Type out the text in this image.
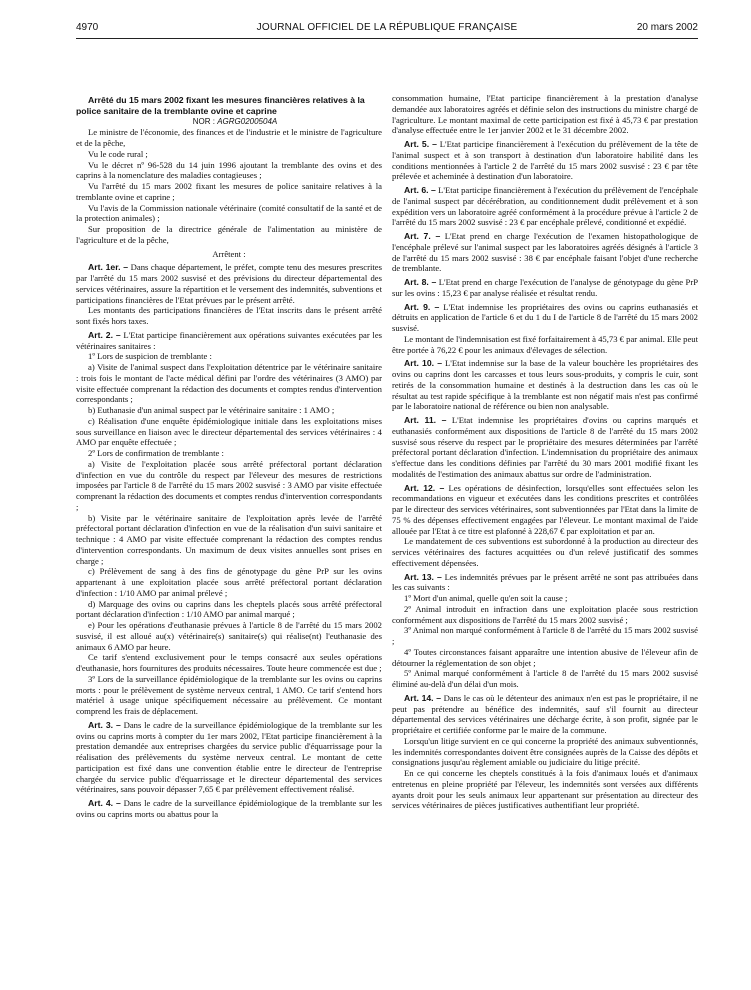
4970	JOURNAL OFFICIEL DE LA RÉPUBLIQUE FRANÇAISE	20 mars 2002

Arrêté du 15 mars 2002 fixant les mesures financières relatives à la police sanitaire de la tremblante ovine et caprine

NOR : AGRG0200504A

Le ministre de l'économie, des finances et de l'industrie et le ministre de l'agriculture et de la pêche,

Vu le code rural ;

Vu le décret nº 96-528 du 14 juin 1996 ajoutant la tremblante des ovins et des caprins à la nomenclature des maladies contagieuses ;

Vu l'arrêté du 15 mars 2002 fixant les mesures de police sanitaire relatives à la tremblante ovine et caprine ;

Vu l'avis de la Commission nationale vétérinaire (comité consultatif de la santé et de la protection animales) ;

Sur proposition de la directrice générale de l'alimentation au ministère de l'agriculture et de la pêche,

Arrêtent :

Art. 1er. – Dans chaque département, le préfet, compte tenu des mesures prescrites par l'arrêté du 15 mars 2002 susvisé et des prévisions du directeur départemental des services vétérinaires, assure la répartition et le versement des indemnités, subventions et participations financières de l'Etat prévues par le présent arrêté.

Les montants des participations financières de l'Etat inscrits dans le présent arrêté sont fixés hors taxes.

Art. 2. – L'Etat participe financièrement aux opérations suivantes exécutées par les vétérinaires sanitaires :

1º Lors de suspicion de tremblante :

a) Visite de l'animal suspect dans l'exploitation détentrice par le vétérinaire sanitaire : trois fois le montant de l'acte médical défini par l'ordre des vétérinaires (3 AMO) par visite effectuée comprenant la rédaction des documents et comptes rendus d'intervention correspondants ;

b) Euthanasie d'un animal suspect par le vétérinaire sanitaire : 1 AMO ;

c) Réalisation d'une enquête épidémiologique initiale dans les exploitations mises sous surveillance en liaison avec le directeur départemental des services vétérinaires : 4 AMO par enquête effectuée ;

2º Lors de confirmation de tremblante :

a) Visite de l'exploitation placée sous arrêté préfectoral portant déclaration d'infection en vue du contrôle du respect par l'éleveur des mesures de restrictions imposées par l'article 8 de l'arrêté du 15 mars 2002 susvisé : 3 AMO par visite effectuée comprenant la rédaction des documents et comptes rendus d'intervention correspondants ;

b) Visite par le vétérinaire sanitaire de l'exploitation après levée de l'arrêté préfectoral portant déclaration d'infection en vue de la réalisation d'un suivi sanitaire et technique : 4 AMO par visite effectuée comprenant la rédaction des comptes rendus d'intervention correspondants. Un maximum de deux visites annuelles sont prises en charge ;

c) Prélèvement de sang à des fins de génotypage du gène PrP sur les ovins appartenant à une exploitation placée sous arrêté préfectoral portant déclaration d'infection : 1/10 AMO par animal prélevé ;

d) Marquage des ovins ou caprins dans les cheptels placés sous arrêté préfectoral portant déclaration d'infection : 1/10 AMO par animal marqué ;

e) Pour les opérations d'euthanasie prévues à l'article 8 de l'arrêté du 15 mars 2002 susvisé, il est alloué au(x) vétérinaire(s) sanitaire(s) qui réalise(nt) l'euthanasie des animaux 6 AMO par heure.

Ce tarif s'entend exclusivement pour le temps consacré aux seules opérations d'euthanasie, hors fournitures des produits nécessaires. Toute heure commencée est due ;

3º Lors de la surveillance épidémiologique de la tremblante sur les ovins ou caprins morts : pour le prélèvement de système nerveux central, 1 AMO. Ce tarif s'entend hors matériel à usage unique spécifiquement nécessaire au prélèvement. Ce montant comprend les frais de déplacement.

Art. 3. – Dans le cadre de la surveillance épidémiologique de la tremblante sur les ovins ou caprins morts à compter du 1er mars 2002, l'Etat participe financièrement à la prestation demandée aux entreprises chargées du service public d'équarrissage pour la réalisation des prélèvements du système nerveux central. Le montant de cette participation est fixé dans une convention établie entre le directeur de l'entreprise chargée du service public d'équarrissage et le directeur départemental des services vétérinaires, sans pouvoir dépasser 7,65 € par prélèvement effectivement réalisé.

Art. 4. – Dans le cadre de la surveillance épidémiologique de la tremblante sur les ovins ou caprins morts ou abattus pour la

consommation humaine, l'Etat participe financièrement à la prestation d'analyse demandée aux laboratoires agréés et définie selon des instructions du ministre chargé de l'agriculture. Le montant maximal de cette participation est fixé à 45,73 € par prestation d'analyse effectuée entre le 1er janvier 2002 et le 31 décembre 2002.

Art. 5. – L'Etat participe financièrement à l'exécution du prélèvement de la tête de l'animal suspect et à son transport à destination d'un laboratoire habilité dans les conditions mentionnées à l'article 2 de l'arrêté du 15 mars 2002 susvisé : 23 € par tête prélevée et acheminée à destination d'un laboratoire.

Art. 6. – L'Etat participe financièrement à l'exécution du prélèvement de l'encéphale de l'animal suspect par décérébration, au conditionnement dudit prélèvement et à son expédition vers un laboratoire agréé conformément à la procédure prévue à l'article 2 de l'arrêté du 15 mars 2002 susvisé : 23 € par encéphale prélevé, conditionné et expédié.

Art. 7. – L'Etat prend en charge l'exécution de l'examen histopathologique de l'encéphale prélevé sur l'animal suspect par les laboratoires agréés désignés à l'article 3 de l'arrêté du 15 mars 2002 susvisé : 38 € par encéphale faisant l'objet d'une recherche de tremblante.

Art. 8. – L'Etat prend en charge l'exécution de l'analyse de génotypage du gène PrP sur les ovins : 15,23 € par analyse réalisée et résultat rendu.

Art. 9. – L'Etat indemnise les propriétaires des ovins ou caprins euthanasiés et détruits en application de l'article 6 et du 1 du I de l'article 8 de l'arrêté du 15 mars 2002 susvisé.

Le montant de l'indemnisation est fixé forfaitairement à 45,73 € par animal. Elle peut être portée à 76,22 € pour les animaux d'élevages de sélection.

Art. 10. – L'Etat indemnise sur la base de la valeur bouchère les propriétaires des ovins ou caprins dont les carcasses et tous leurs sous-produits, y compris le cuir, sont retirés de la consommation humaine et destinés à la destruction dans les cas où le résultat au test rapide spécifique à la tremblante est non négatif mais n'est pas confirmé par le laboratoire national de référence ou bien non analysable.

Art. 11. – L'Etat indemnise les propriétaires d'ovins ou caprins marqués et euthanasiés conformément aux dispositions de l'article 8 de l'arrêté du 15 mars 2002 susvisé sous réserve du respect par le propriétaire des mesures déterminées par l'arrêté préfectoral portant déclaration d'infection. L'indemnisation du propriétaire des animaux s'effectue dans les conditions définies par l'arrêté du 30 mars 2001 modifié fixant les modalités de l'estimation des animaux abattus sur ordre de l'administration.

Art. 12. – Les opérations de désinfection, lorsqu'elles sont effectuées selon les recommandations en vigueur et exécutées dans les conditions prescrites et contrôlées par le directeur des services vétérinaires, sont subventionnées par l'Etat dans la limite de 75 % des dépenses effectivement engagées par l'éleveur. Le montant maximal de l'aide allouée par l'Etat à ce titre est plafonné à 228,67 € par exploitation et par an.

Le mandatement de ces subventions est subordonné à la production au directeur des services vétérinaires des factures acquittées ou d'un relevé justificatif des sommes effectivement dépensées.

Art. 13. – Les indemnités prévues par le présent arrêté ne sont pas attribuées dans les cas suivants :

1º Mort d'un animal, quelle qu'en soit la cause ;

2º Animal introduit en infraction dans une exploitation placée sous restriction conformément aux dispositions de l'arrêté du 15 mars 2002 susvisé ;

3º Animal non marqué conformément à l'article 8 de l'arrêté du 15 mars 2002 susvisé ;

4º Toutes circonstances faisant apparaître une intention abusive de l'éleveur afin de détourner la réglementation de son objet ;

5º Animal marqué conformément à l'article 8 de l'arrêté du 15 mars 2002 susvisé éliminé au-delà d'un délai d'un mois.

Art. 14. – Dans le cas où le détenteur des animaux n'en est pas le propriétaire, il ne peut pas prétendre au bénéfice des indemnités, sauf s'il fournit au directeur départemental des services vétérinaires une décharge écrite, à son profit, signée par le propriétaire et certifiée conforme par le maire de la commune.

Lorsqu'un litige survient en ce qui concerne la propriété des animaux subventionnés, les indemnités correspondantes doivent être consignées auprès de la Caisse des dépôts et consignations jusqu'au règlement amiable ou judiciaire du litige précité.

En ce qui concerne les cheptels constitués à la fois d'animaux loués et d'animaux entretenus en pleine propriété par l'éleveur, les indemnités sont versées aux différents ayants droit pour les seuls animaux leur appartenant sur présentation au directeur des services vétérinaires de pièces justificatives authentifiant leur propriété.
